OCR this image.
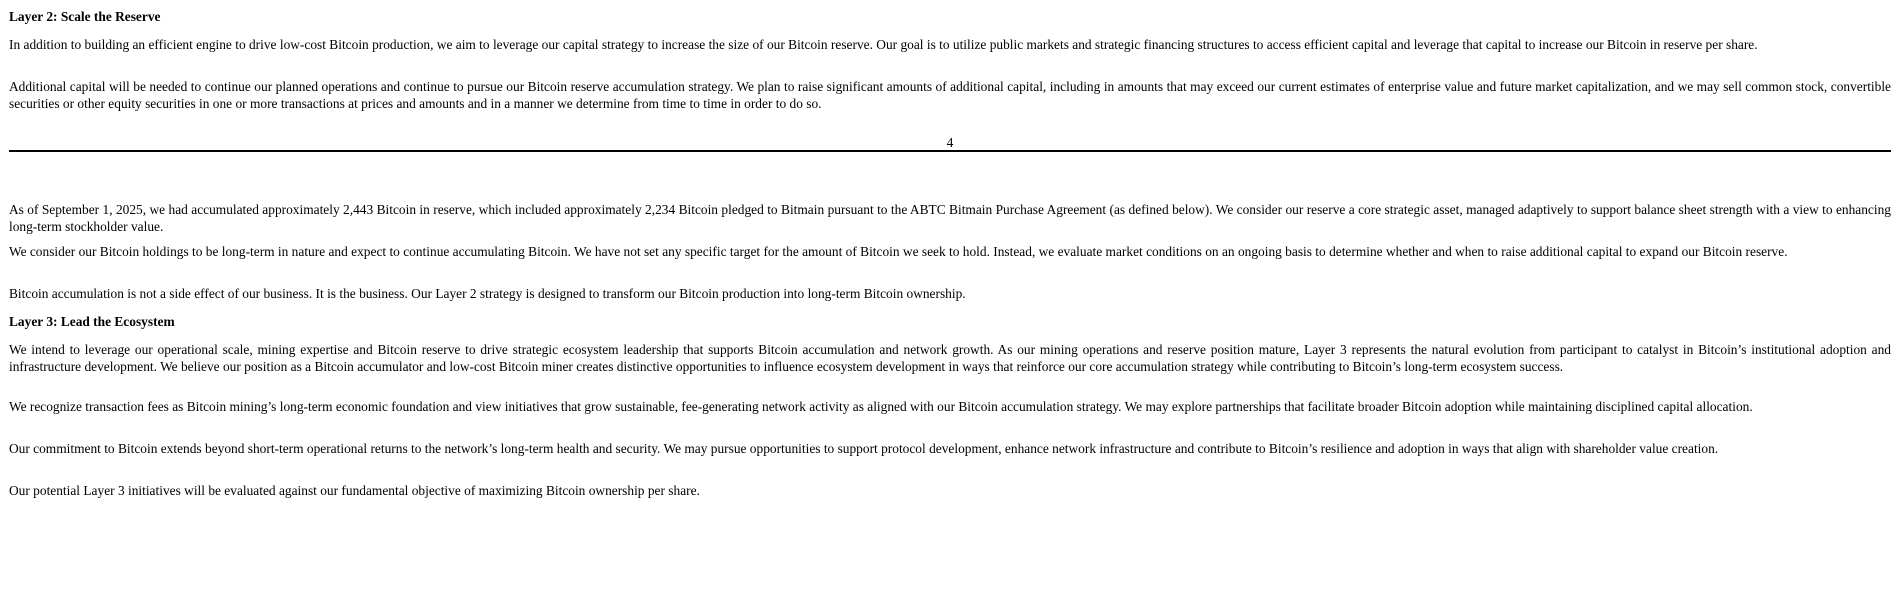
Layer 2: Scale the Reserve

In addition to building an efficient engine to drive low-cost Bitcoin production, we aim to leverage our capital strategy to increase the size of our Bitcoin reserve. Our goal is to utilize public markets and strategic financing structures to access efficient capital and leverage that capital to increase our Bitcoin in reserve per share.

Additional capital will be needed to continue our planned operations and continue to pursue our Bitcoin reserve accumulation strategy. We plan to raise significant amounts of additional capital, including in amounts that may exceed our current estimates of enterprise value and future market capitalization, and we may sell common stock, convertible securities or other equity securities in one or more transactions at prices and amounts and in a manner we determine from time to time in order to do so.

4

As of September 1, 2025, we had accumulated approximately 2,443 Bitcoin in reserve, which included approximately 2,234 Bitcoin pledged to Bitmain pursuant to the ABTC Bitmain Purchase Agreement (as defined below). We consider our reserve a core strategic asset, managed adaptively to support balance sheet strength with a view to enhancing long-term stockholder value.

We consider our Bitcoin holdings to be long-term in nature and expect to continue accumulating Bitcoin. We have not set any specific target for the amount of Bitcoin we seek to hold. Instead, we evaluate market conditions on an ongoing basis to determine whether and when to raise additional capital to expand our Bitcoin reserve.

Bitcoin accumulation is not a side effect of our business. It is the business. Our Layer 2 strategy is designed to transform our Bitcoin production into long-term Bitcoin ownership.

Layer 3: Lead the Ecosystem

We intend to leverage our operational scale, mining expertise and Bitcoin reserve to drive strategic ecosystem leadership that supports Bitcoin accumulation and network growth. As our mining operations and reserve position mature, Layer 3 represents the natural evolution from participant to catalyst in Bitcoin’s institutional adoption and infrastructure development. We believe our position as a Bitcoin accumulator and low-cost Bitcoin miner creates distinctive opportunities to influence ecosystem development in ways that reinforce our core accumulation strategy while contributing to Bitcoin’s long-term ecosystem success.

We recognize transaction fees as Bitcoin mining’s long-term economic foundation and view initiatives that grow sustainable, fee-generating network activity as aligned with our Bitcoin accumulation strategy. We may explore partnerships that facilitate broader Bitcoin adoption while maintaining disciplined capital allocation.

Our commitment to Bitcoin extends beyond short-term operational returns to the network’s long-term health and security. We may pursue opportunities to support protocol development, enhance network infrastructure and contribute to Bitcoin’s resilience and adoption in ways that align with shareholder value creation.

Our potential Layer 3 initiatives will be evaluated against our fundamental objective of maximizing Bitcoin ownership per share.
